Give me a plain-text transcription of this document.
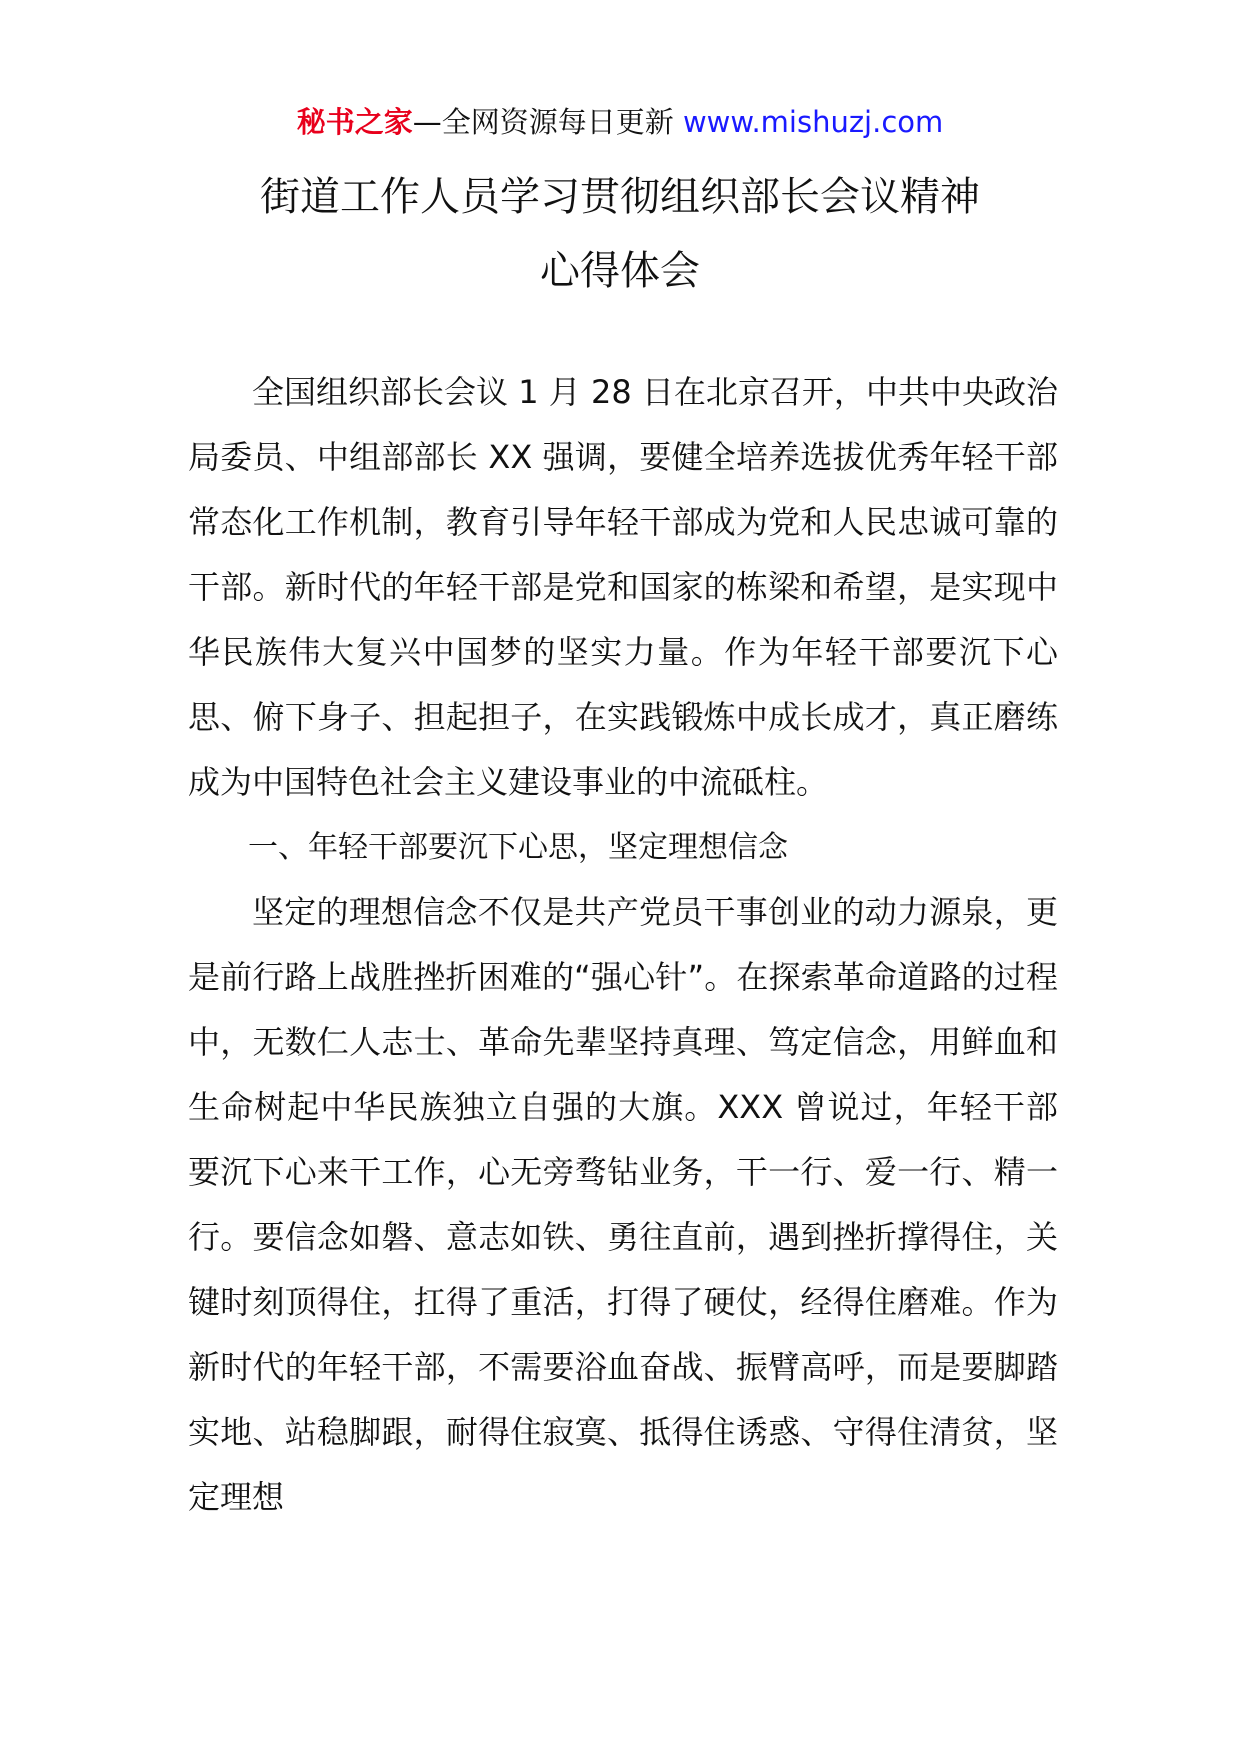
秘书之家—全网资源每日更新 www.mishuzj.com
街道工作人员学习贯彻组织部长会议精神
心得体会

全国组织部长会议 1 月 28 日在北京召开，中共中央政治局委员、中组部部长 XX 强调，要健全培养选拔优秀年轻干部常态化工作机制，教育引导年轻干部成为党和人民忠诚可靠的干部。新时代的年轻干部是党和国家的栋梁和希望，是实现中华民族伟大复兴中国梦的坚实力量。作为年轻干部要沉下心思、俯下身子、担起担子，在实践锻炼中成长成才，真正磨练成为中国特色社会主义建设事业的中流砥柱。

一、年轻干部要沉下心思，坚定理想信念

坚定的理想信念不仅是共产党员干事创业的动力源泉，更是前行路上战胜挫折困难的“强心针”。在探索革命道路的过程中，无数仁人志士、革命先辈坚持真理、笃定信念，用鲜血和生命树起中华民族独立自强的大旗。XXX 曾说过，年轻干部要沉下心来干工作，心无旁骛钻业务，干一行、爱一行、精一行。要信念如磐、意志如铁、勇往直前，遇到挫折撑得住，关键时刻顶得住，扛得了重活，打得了硬仗，经得住磨难。作为新时代的年轻干部，不需要浴血奋战、振臂高呼，而是要脚踏实地、站稳脚跟，耐得住寂寞、抵得住诱惑、守得住清贫，坚定理想
